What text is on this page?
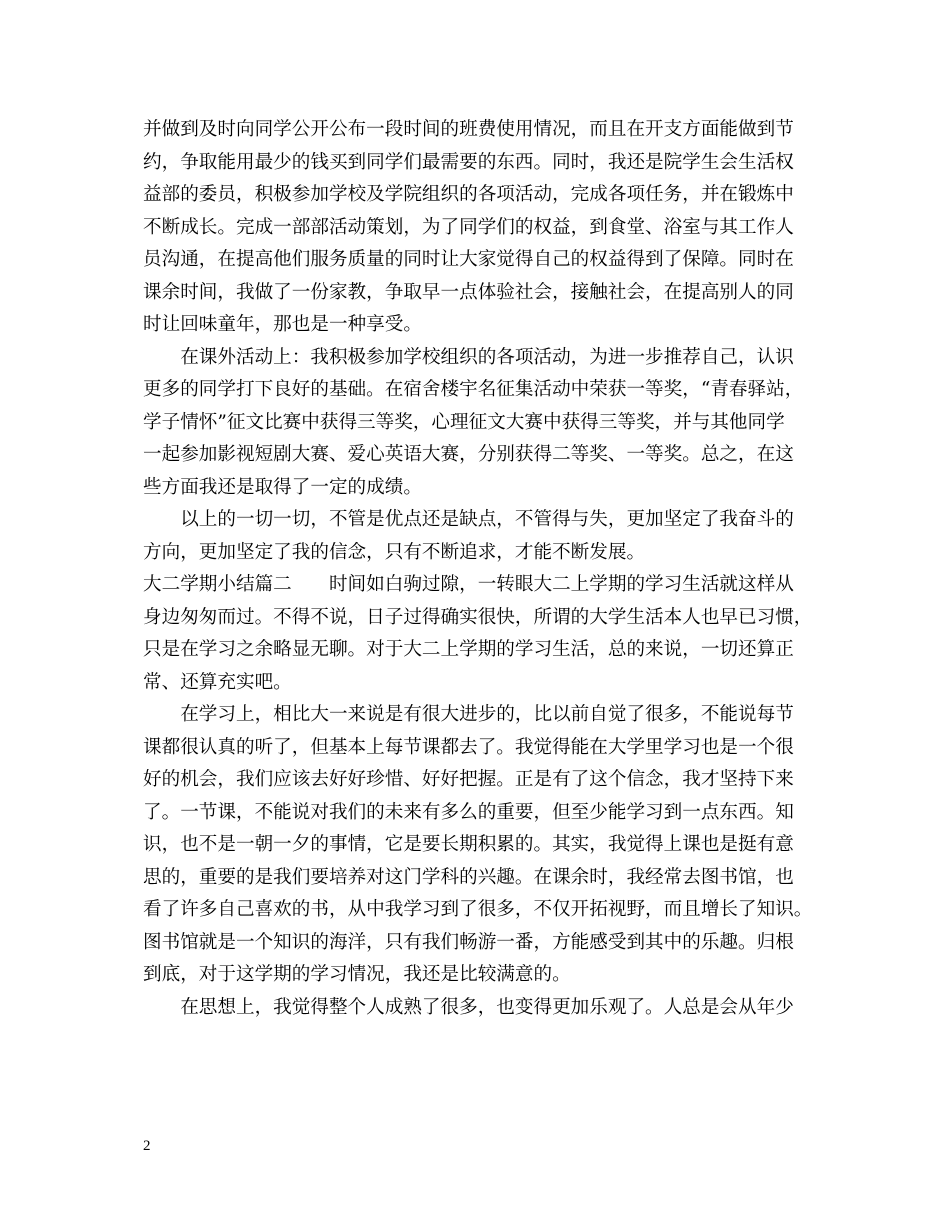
并做到及时向同学公开公布一段时间的班费使用情况，而且在开支方面能做到节
约，争取能用最少的钱买到同学们最需要的东西。同时，我还是院学生会生活权
益部的委员，积极参加学校及学院组织的各项活动，完成各项任务，并在锻炼中
不断成长。完成一部部活动策划，为了同学们的权益，到食堂、浴室与其工作人
员沟通，在提高他们服务质量的同时让大家觉得自己的权益得到了保障。同时在
课余时间，我做了一份家教，争取早一点体验社会，接触社会，在提高别人的同
时让回味童年，那也是一种享受。
　　在课外活动上：我积极参加学校组织的各项活动，为进一步推荐自己，认识
更多的同学打下良好的基础。在宿舍楼宇名征集活动中荣获一等奖，“青春驿站，
学子情怀”征文比赛中获得三等奖，心理征文大赛中获得三等奖，并与其他同学
一起参加影视短剧大赛、爱心英语大赛，分别获得二等奖、一等奖。总之，在这
些方面我还是取得了一定的成绩。
　　以上的一切一切，不管是优点还是缺点，不管得与失，更加坚定了我奋斗的
方向，更加坚定了我的信念，只有不断追求，才能不断发展。
大二学期小结篇二　　时间如白驹过隙，一转眼大二上学期的学习生活就这样从
身边匆匆而过。不得不说，日子过得确实很快，所谓的大学生活本人也早已习惯，
只是在学习之余略显无聊。对于大二上学期的学习生活，总的来说，一切还算正
常、还算充实吧。
　　在学习上，相比大一来说是有很大进步的，比以前自觉了很多，不能说每节
课都很认真的听了，但基本上每节课都去了。我觉得能在大学里学习也是一个很
好的机会，我们应该去好好珍惜、好好把握。正是有了这个信念，我才坚持下来
了。一节课，不能说对我们的未来有多么的重要，但至少能学习到一点东西。知
识，也不是一朝一夕的事情，它是要长期积累的。其实，我觉得上课也是挺有意
思的，重要的是我们要培养对这门学科的兴趣。在课余时，我经常去图书馆，也
看了许多自己喜欢的书，从中我学习到了很多，不仅开拓视野，而且增长了知识。
图书馆就是一个知识的海洋，只有我们畅游一番，方能感受到其中的乐趣。归根
到底，对于这学期的学习情况，我还是比较满意的。
　　在思想上，我觉得整个人成熟了很多，也变得更加乐观了。人总是会从年少
2
